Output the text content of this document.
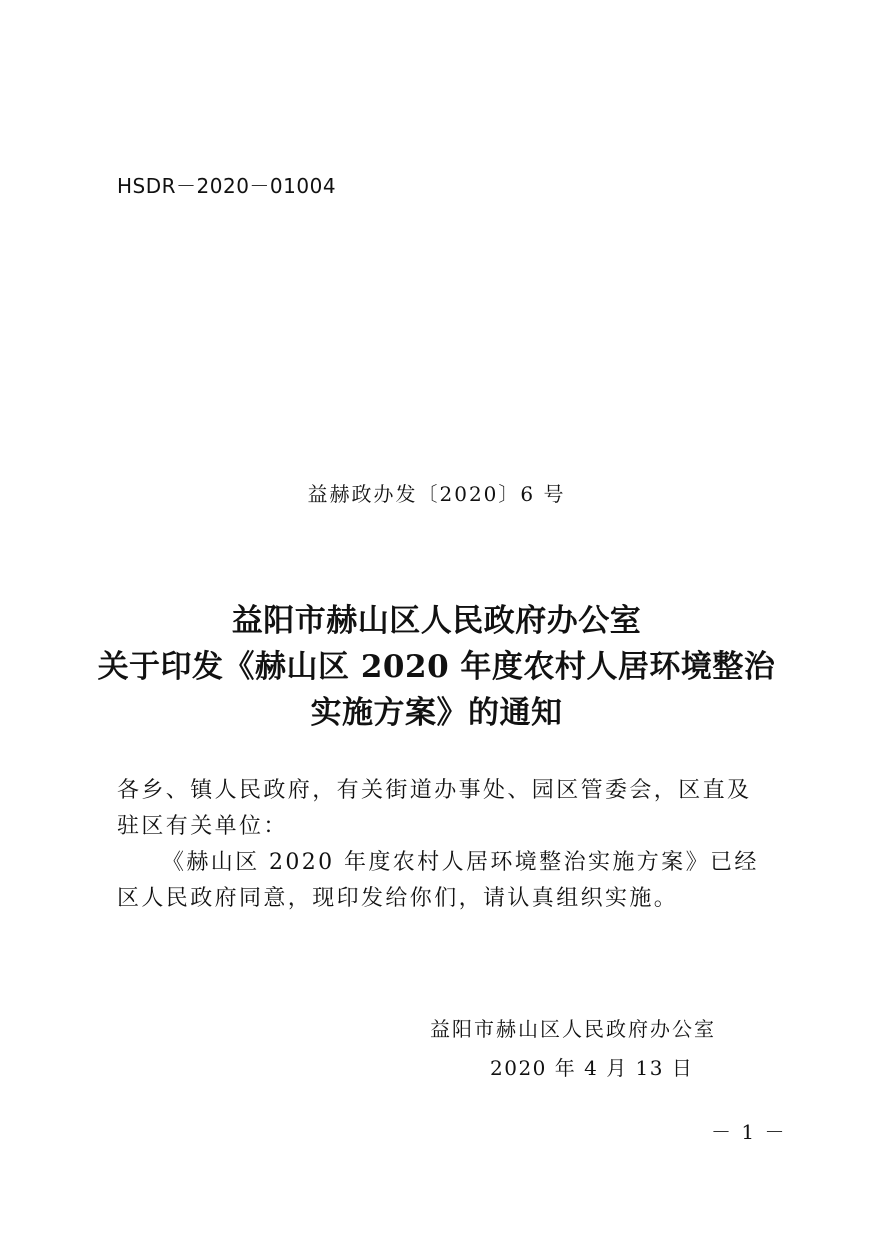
HSDR－2020－01004
益赫政办发〔2020〕6 号
益阳市赫山区人民政府办公室
关于印发《赫山区 2020 年度农村人居环境整治
实施方案》的通知

各乡、镇人民政府，有关街道办事处、园区管委会，区直及驻区有关单位：

《赫山区 2020 年度农村人居环境整治实施方案》已经区人民政府同意，现印发给你们，请认真组织实施。

益阳市赫山区人民政府办公室
2020 年 4 月 13 日
－ 1 －
